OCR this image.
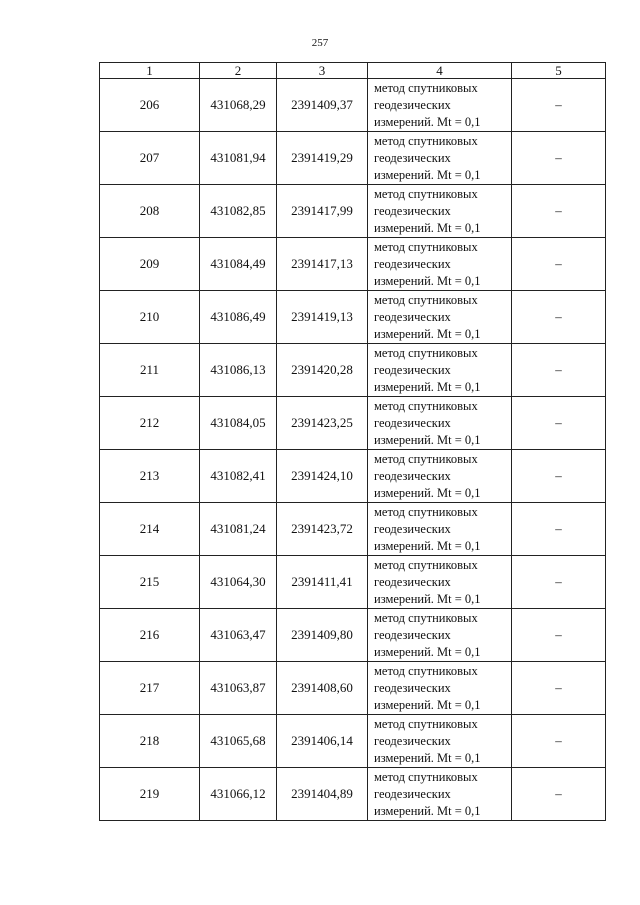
257
1	2	3	4	5
206	431068,29	2391409,37	метод спутниковых
геодезических
измерений. Mt = 0,1	–
207	431081,94	2391419,29	метод спутниковых
геодезических
измерений. Mt = 0,1	–
208	431082,85	2391417,99	метод спутниковых
геодезических
измерений. Mt = 0,1	–
209	431084,49	2391417,13	метод спутниковых
геодезических
измерений. Mt = 0,1	–
210	431086,49	2391419,13	метод спутниковых
геодезических
измерений. Mt = 0,1	–
211	431086,13	2391420,28	метод спутниковых
геодезических
измерений. Mt = 0,1	–
212	431084,05	2391423,25	метод спутниковых
геодезических
измерений. Mt = 0,1	–
213	431082,41	2391424,10	метод спутниковых
геодезических
измерений. Mt = 0,1	–
214	431081,24	2391423,72	метод спутниковых
геодезических
измерений. Mt = 0,1	–
215	431064,30	2391411,41	метод спутниковых
геодезических
измерений. Mt = 0,1	–
216	431063,47	2391409,80	метод спутниковых
геодезических
измерений. Mt = 0,1	–
217	431063,87	2391408,60	метод спутниковых
геодезических
измерений. Mt = 0,1	–
218	431065,68	2391406,14	метод спутниковых
геодезических
измерений. Mt = 0,1	–
219	431066,12	2391404,89	метод спутниковых
геодезических
измерений. Mt = 0,1	–
